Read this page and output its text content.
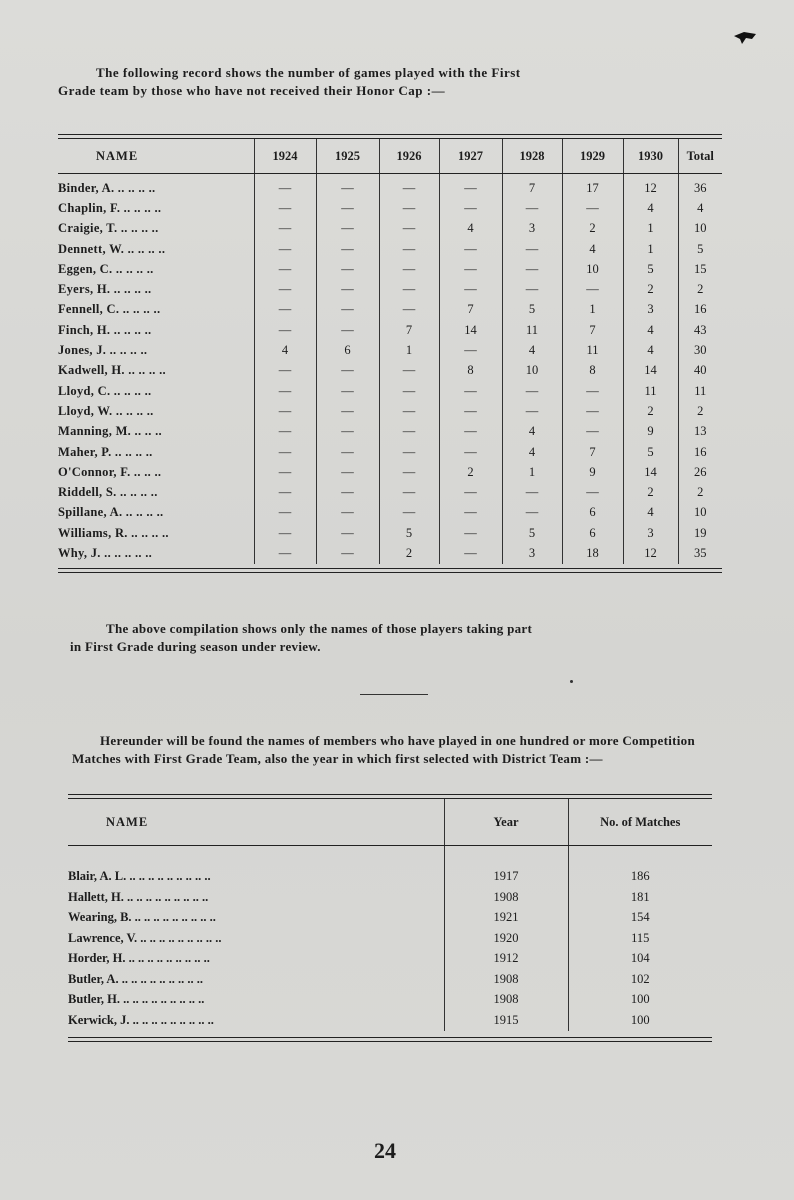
The following record shows the number of games played with the First

Grade team by those who have not received their Honor Cap :—

NAME	1924	1925	1926	1927	1928	1929	1930	Total

Binder, A. .. .. .. ..	—	—	—	—	7	17	12	36
Chaplin, F. .. .. .. ..	—	—	—	—	—	—	4	4
Craigie, T. .. .. .. ..	—	—	—	4	3	2	1	10
Dennett, W. .. .. .. ..	—	—	—	—	—	4	1	5
Eggen, C. .. .. .. ..	—	—	—	—	—	10	5	15
Eyers, H. .. .. .. ..	—	—	—	—	—	—	2	2
Fennell, C. .. .. .. ..	—	—	—	7	5	1	3	16
Finch, H. .. .. .. ..	—	—	7	14	11	7	4	43
Jones, J. .. .. .. ..	4	6	1	—	4	11	4	30
Kadwell, H. .. .. .. ..	—	—	—	8	10	8	14	40
Lloyd, C. .. .. .. ..	—	—	—	—	—	—	11	11
Lloyd, W. .. .. .. ..	—	—	—	—	—	—	2	2
Manning, M. .. .. ..	—	—	—	—	4	—	9	13
Maher, P. .. .. .. ..	—	—	—	—	4	7	5	16
O'Connor, F. .. .. ..	—	—	—	2	1	9	14	26
Riddell, S. .. .. .. ..	—	—	—	—	—	—	2	2
Spillane, A. .. .. .. ..	—	—	—	—	—	6	4	10
Williams, R. .. .. .. ..	—	—	5	—	5	6	3	19
Why, J. .. .. .. .. ..	—	—	2	—	3	18	12	35

The above compilation shows only the names of those players taking part

in First Grade during season under review.

Hereunder will be found the names of members who have played in one hundred or more Competition Matches with First Grade Team, also the year in which first selected with District Team :—

NAME	Year	No. of Matches

Blair, A. L. .. .. .. .. .. .. .. .. ..	1917	186
Hallett, H. .. .. .. .. .. .. .. .. ..	1908	181
Wearing, B. .. .. .. .. .. .. .. .. ..	1921	154
Lawrence, V. .. .. .. .. .. .. .. .. ..	1920	115
Horder, H. .. .. .. .. .. .. .. .. ..	1912	104
Butler, A. .. .. .. .. .. .. .. .. ..	1908	102
Butler, H. .. .. .. .. .. .. .. .. ..	1908	100
Kerwick, J. .. .. .. .. .. .. .. .. ..	1915	100
24
